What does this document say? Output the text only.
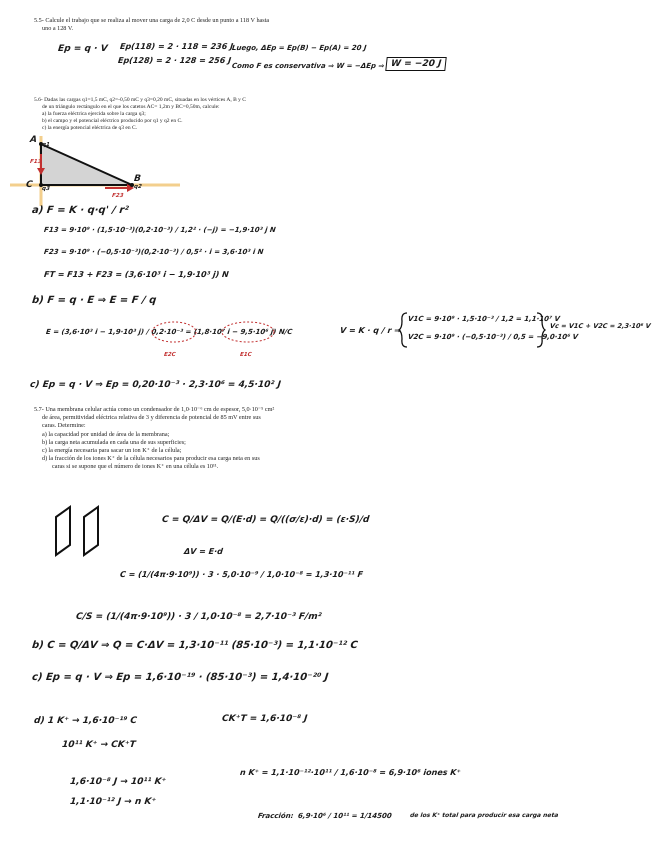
5.5- Calcule el trabajo que se realiza al mover una carga de 2,0 C desde un punto a 118 V hasta
uno a 128 V.
Ep = q · V Ep(118) = 2 · 118 = 236 J
Ep(128) = 2 · 128 = 256 J
Luego, ΔEp = Ep(B) − Ep(A) = 20 J
Como F es conservativa ⇒ W = −ΔEp ⇒ W = −20 J
5.6- Dadas las cargas q1=1,5 mC, q2=-0,50 mC y q3=0,20 mC, situadas en los vértices A, B y C
de un triángulo rectángulo en el que los catetos AC= 1,2m y BC=0,50m, calcule:
a) la fuerza eléctrica ejercida sobre la carga q3;
b) el campo y el potencial eléctrico producido por q1 y q2 en C.
c) la energía potencial eléctrica de q3 en C.
A q1
C q3
B
q2
F13
F23
a) F = K · q·q' / r²
F13 = 9·10⁹ · (1,5·10⁻³)(0,2·10⁻³) / 1,2² · (−j) = −1,9·10³ j N
F23 = 9·10⁹ · (−0,5·10⁻³)(0,2·10⁻³) / 0,5² · i = 3,6·10³ i N
FT = F13 + F23 = (3,6·10³ i − 1,9·10³ j) N
b) F = q · E ⇒ E = F / q
E = (3,6·10³ i − 1,9·10³ j) / 0,2·10⁻³ = (1,8·10⁷ i − 9,5·10⁶ j) N/C
E2C	E1C
V = K · q / r ⇒
V1C = 9·10⁹ · 1,5·10⁻³ / 1,2 = 1,1·10⁷ V
V2C = 9·10⁹ · (−0,5·10⁻³) / 0,5 = −9,0·10⁶ V
Vc = V1C + V2C = 2,3·10⁶ V
c) Ep = q · V ⇒ Ep = 0,20·10⁻³ · 2,3·10⁶ = 4,5·10² J
5.7- Una membrana celular actúa como un condensador de 1,0·10⁻⁶ cm de espesor, 5,0·10⁻⁵ cm²
de área, permitividad eléctrica relativa de 3 y diferencia de potencial de 85 mV entre sus
caras. Determine:
a) la capacidad por unidad de área de la membrana;
b) la carga neta acumulada en cada una de sus superficies;
c) la energía necesaria para sacar un ion K⁺ de la célula;
d) la fracción de los iones K⁺ de la célula necesarios para producir esa carga neta en sus
caras si se supone que el número de iones K⁺ en una célula es 10¹¹.
C = Q/ΔV = Q/(E·d) = Q/((σ/ε)·d) = (ε·S)/d
ΔV = E·d
C = (1/(4π·9·10⁹)) · 3 · 5,0·10⁻⁹ / 1,0·10⁻⁸ = 1,3·10⁻¹¹ F
C/S = (1/(4π·9·10⁹)) · 3 / 1,0·10⁻⁸ = 2,7·10⁻³ F/m²
b) C = Q/ΔV ⇒ Q = C·ΔV = 1,3·10⁻¹¹ (85·10⁻³) = 1,1·10⁻¹² C
c) Ep = q · V ⇒ Ep = 1,6·10⁻¹⁹ · (85·10⁻³) = 1,4·10⁻²⁰ J
d) 1 K⁺ → 1,6·10⁻¹⁹ C	CK⁺T = 1,6·10⁻⁸ J
10¹¹ K⁺ → CK⁺T
1,6·10⁻⁸ J → 10¹¹ K⁺
1,1·10⁻¹² J → n K⁺
n K⁺ = 1,1·10⁻¹²·10¹¹ / 1,6·10⁻⁸ = 6,9·10⁶ iones K⁺
Fracción: 6,9·10⁶ / 10¹¹ = 1/14500	de los K⁺ total para producir esa carga neta
